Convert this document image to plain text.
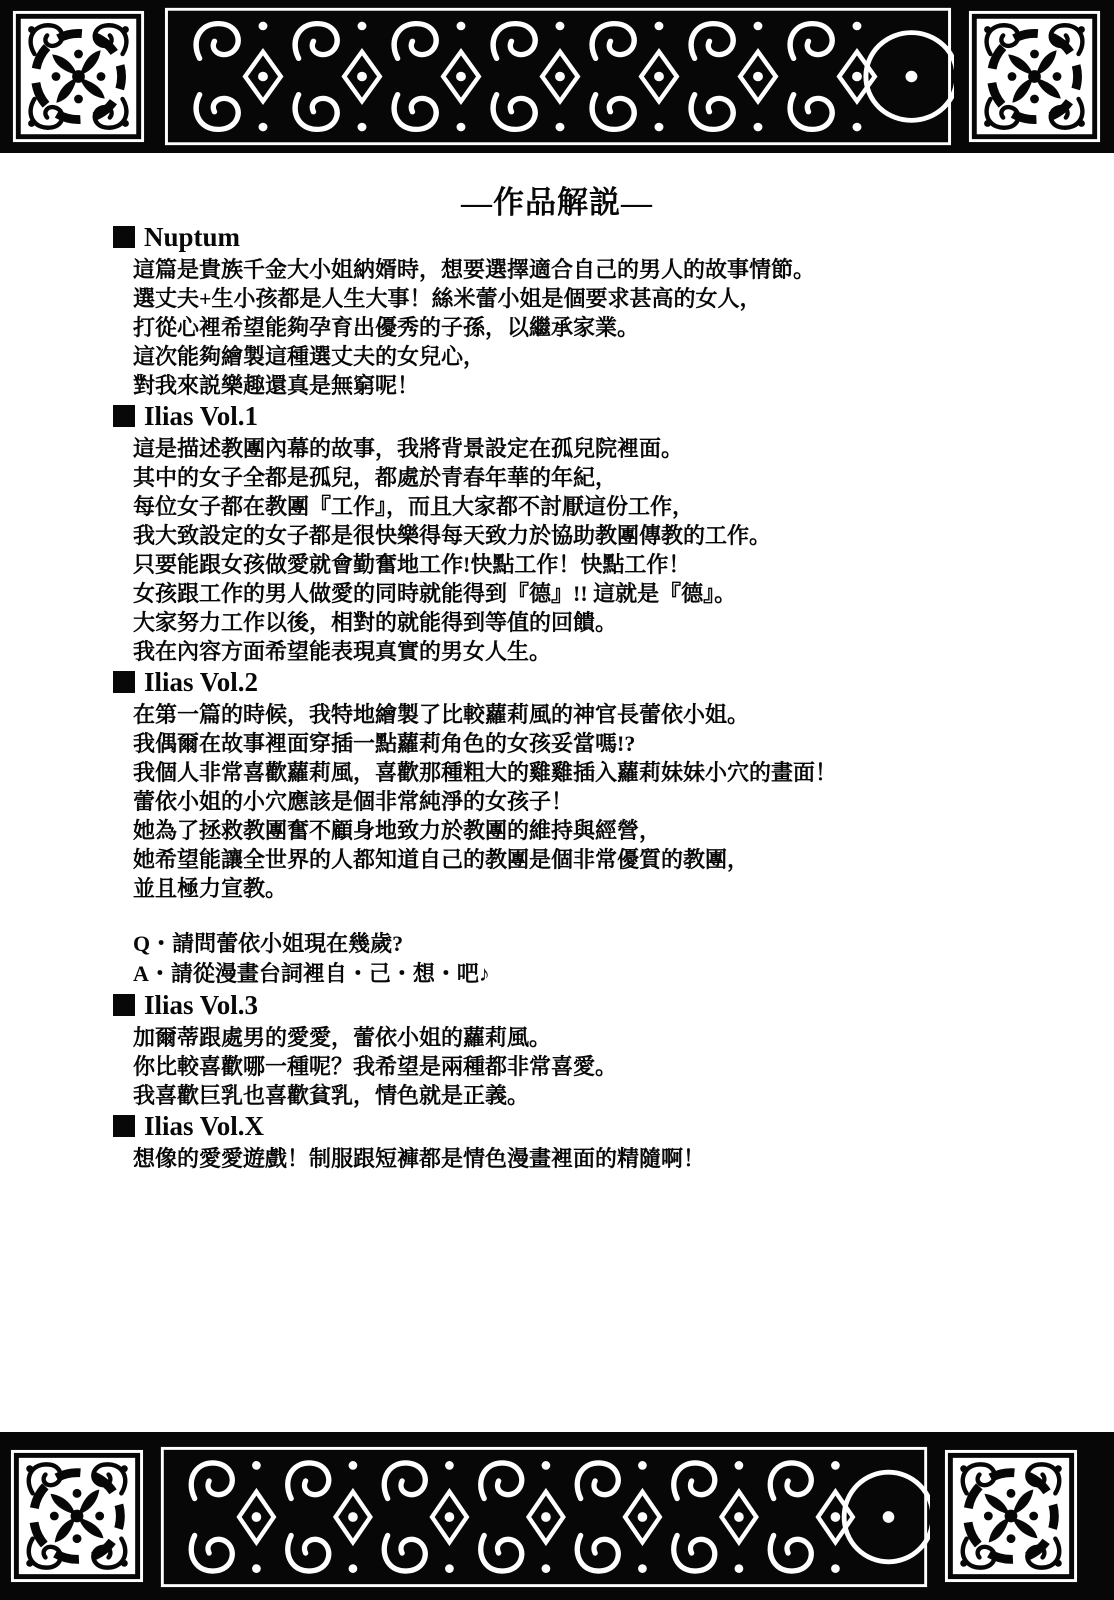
―作品解説―
Nuptum

這篇是貴族千金大小姐納婿時，想要選擇適合自己的男人的故事情節。

選丈夫+生小孩都是人生大事！絲米蕾小姐是個要求甚高的女人，

打從心裡希望能夠孕育出優秀的子孫，以繼承家業。

這次能夠繪製這種選丈夫的女兒心，

對我來説樂趣還真是無窮呢！

Ilias Vol.1

這是描述教團內幕的故事，我將背景設定在孤兒院裡面。

其中的女子全都是孤兒，都處於青春年華的年紀，

每位女子都在教團『工作』，而且大家都不討厭這份工作，

我大致設定的女子都是很快樂得每天致力於協助教團傳教的工作。

只要能跟女孩做愛就會勤奮地工作!快點工作！快點工作！

女孩跟工作的男人做愛的同時就能得到『德』!! 這就是『德』。

大家努力工作以後，相對的就能得到等值的回饋。

我在內容方面希望能表現真實的男女人生。

Ilias Vol.2

在第一篇的時候，我特地繪製了比較蘿莉風的神官長蕾依小姐。

我偶爾在故事裡面穿插一點蘿莉角色的女孩妥當嗎!?

我個人非常喜歡蘿莉風，喜歡那種粗大的雞雞插入蘿莉妹妹小穴的畫面！

蕾依小姐的小穴應該是個非常純淨的女孩子！

她為了拯救教團奮不顧身地致力於教團的維持與經營，

她希望能讓全世界的人都知道自己的教團是個非常優質的教團，

並且極力宣教。

Q・請問蕾依小姐現在幾歲?

A・請從漫畫台詞裡自・己・想・吧♪

Ilias Vol.3

加爾蒂跟處男的愛愛，蕾依小姐的蘿莉風。

你比較喜歡哪一種呢？我希望是兩種都非常喜愛。

我喜歡巨乳也喜歡貧乳，情色就是正義。

Ilias Vol.X

想像的愛愛遊戲！制服跟短褲都是情色漫畫裡面的精隨啊！
